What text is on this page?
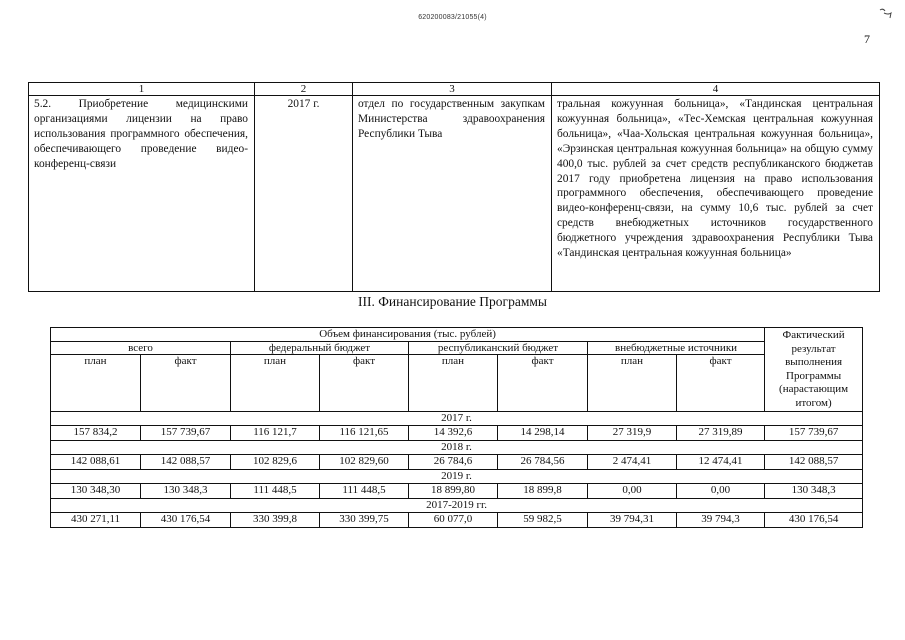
620200083/21055(4)
7
1	2	3	4
5.2. Приобретение медицинскими организациями лицензии на право использования программного обеспечения, обеспечивающего проведение видео-конференц-связи	2017 г.	отдел по государственным закупкам Министерства здравоохранения Республики Тыва	тральная кожуунная больница», «Тандинская центральная кожуунная больница», «Тес-Хемская центральная кожуунная больница», «Чаа-Хольская центральная кожуунная больница», «Эрзинская центральная кожуунная больница» на общую сумму 400,0 тыс. рублей за счет средств республиканского бюджетав 2017 году приобретена лицензия на право использования программного обеспечения, обеспечивающего проведение видео-конференц-связи, на сумму 10,6 тыс. рублей за счет средств внебюджетных источников государственного бюджетного учреждения здравоохранения Республики Тыва «Тандинская центральная кожуунная больница»
III. Финансирование Программы
Объем финансирования (тыс. рублей)								Фактический результат выполнения Программы (нарастающим итогом)
всего		федеральный бюджет		республиканский бюджет		внебюджетные источники		
план	факт	план	факт	план	факт	план	факт	
2017 г.								
157 834,2	157 739,67	116 121,7	116 121,65	14 392,6	14 298,14	27 319,9	27 319,89	157 739,67
2018 г.								
142 088,61	142 088,57	102 829,6	102 829,60	26 784,6	26 784,56	2 474,41	12 474,41	142 088,57
2019 г.								
130 348,30	130 348,3	111 448,5	111 448,5	18 899,80	18 899,8	0,00	0,00	130 348,3
2017-2019 гг.								
430 271,11	430 176,54	330 399,8	330 399,75	60 077,0	59 982,5	39 794,31	39 794,3	430 176,54
